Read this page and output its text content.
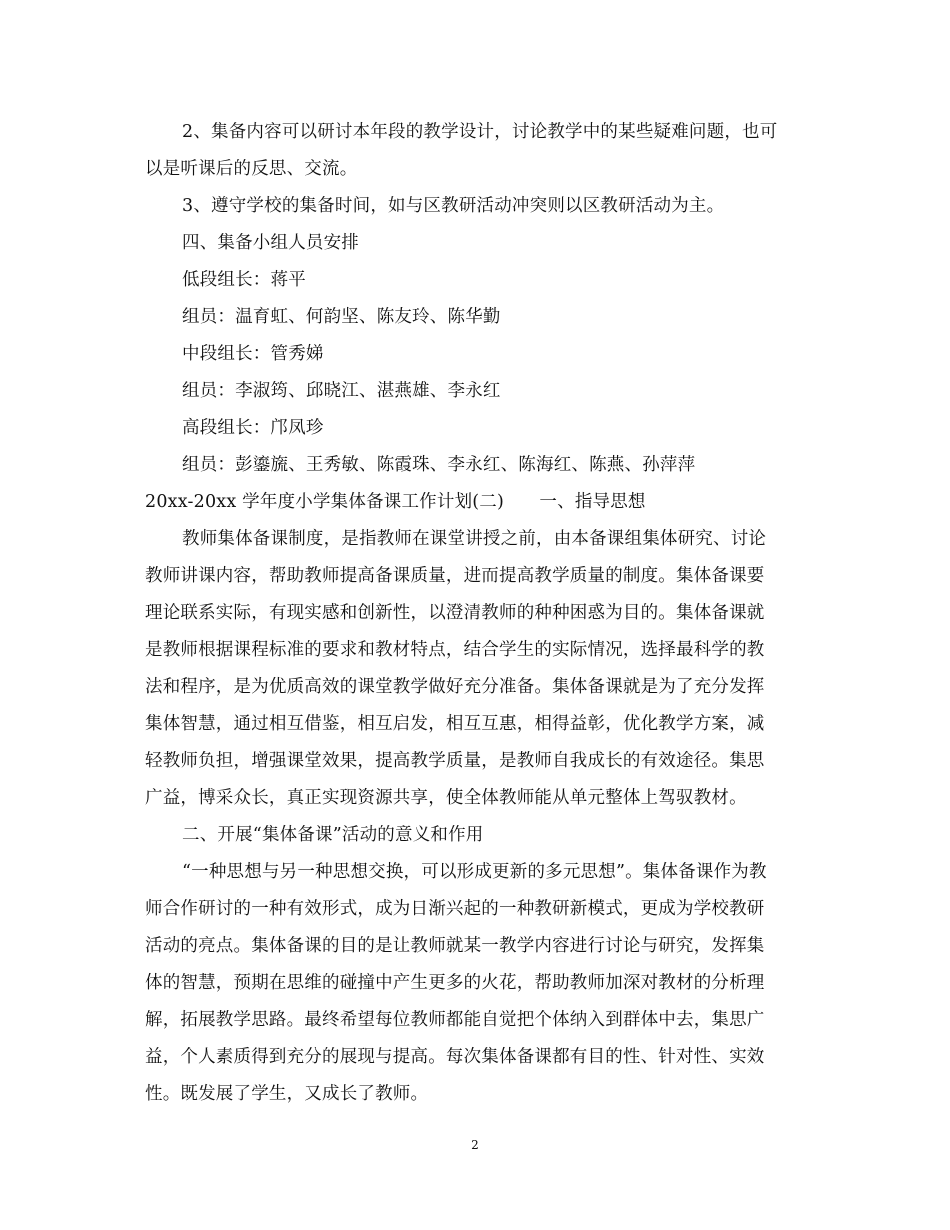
2、集备内容可以研讨本年段的教学设计，讨论教学中的某些疑难问题，也可
以是听课后的反思、交流。
3、遵守学校的集备时间，如与区教研活动冲突则以区教研活动为主。
四、集备小组人员安排
低段组长：蒋平
组员：温育虹、何韵坚、陈友玲、陈华勤
中段组长：管秀娣
组员：李淑筠、邱晓江、湛燕雄、李永红
高段组长：邝凤珍
组员：彭鎏旒、王秀敏、陈霞珠、李永红、陈海红、陈燕、孙萍萍
20xx-20xx 学年度小学集体备课工作计划(二)　　一、指导思想
教师集体备课制度，是指教师在课堂讲授之前，由本备课组集体研究、讨论
教师讲课内容，帮助教师提高备课质量，进而提高教学质量的制度。集体备课要
理论联系实际，有现实感和创新性，以澄清教师的种种困惑为目的。集体备课就
是教师根据课程标准的要求和教材特点，结合学生的实际情况，选择最科学的教
法和程序，是为优质高效的课堂教学做好充分准备。集体备课就是为了充分发挥
集体智慧，通过相互借鉴，相互启发，相互互惠，相得益彰，优化教学方案，减
轻教师负担，增强课堂效果，提高教学质量，是教师自我成长的有效途径。集思
广益，博采众长，真正实现资源共享，使全体教师能从单元整体上驾驭教材。
二、开展“集体备课”活动的意义和作用
“一种思想与另一种思想交换，可以形成更新的多元思想”。集体备课作为教
师合作研讨的一种有效形式，成为日渐兴起的一种教研新模式，更成为学校教研
活动的亮点。集体备课的目的是让教师就某一教学内容进行讨论与研究，发挥集
体的智慧，预期在思维的碰撞中产生更多的火花，帮助教师加深对教材的分析理
解，拓展教学思路。最终希望每位教师都能自觉把个体纳入到群体中去，集思广
益，个人素质得到充分的展现与提高。每次集体备课都有目的性、针对性、实效
性。既发展了学生，又成长了教师。
2
